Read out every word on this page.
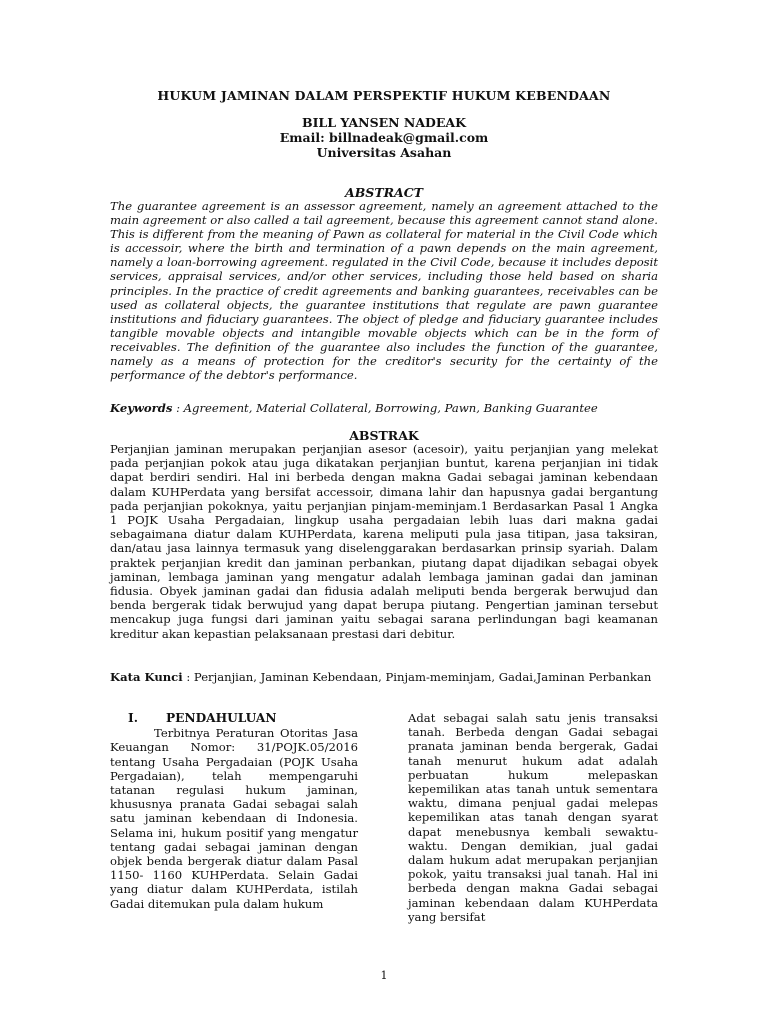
HUKUM JAMINAN DALAM PERSPEKTIF HUKUM KEBENDAAN
BILL YANSEN NADEAK
Email: billnadeak@gmail.com
Universitas Asahan
ABSTRACT

The guarantee agreement is an assessor agreement, namely an agreement attached to the main agreement or also called a tail agreement, because this agreement cannot stand alone. This is different from the meaning of Pawn as collateral for material in the Civil Code which is accessoir, where the birth and termination of a pawn depends on the main agreement, namely a loan-borrowing agreement. regulated in the Civil Code, because it includes deposit services, appraisal services, and/or other services, including those held based on sharia principles. In the practice of credit agreements and banking guarantees, receivables can be used as collateral objects, the guarantee institutions that regulate are pawn guarantee institutions and fiduciary guarantees. The object of pledge and fiduciary guarantee includes tangible movable objects and intangible movable objects which can be in the form of receivables. The definition of the guarantee also includes the function of the guarantee, namely as a means of protection for the creditor's security for the certainty of the performance of the debtor's performance.

Keywords : Agreement, Material Collateral, Borrowing, Pawn, Banking Guarantee
ABSTRAK

Perjanjian jaminan merupakan perjanjian asesor (acesoir), yaitu perjanjian yang melekat pada perjanjian pokok atau juga dikatakan perjanjian buntut, karena perjanjian ini tidak dapat berdiri sendiri. Hal ini berbeda dengan makna Gadai sebagai jaminan kebendaan dalam KUHPerdata yang bersifat accessoir, dimana lahir dan hapusnya gadai bergantung pada perjanjian pokoknya, yaitu perjanjian pinjam-meminjam.1 Berdasarkan Pasal 1 Angka 1 POJK Usaha Pergadaian, lingkup usaha pergadaian lebih luas dari makna gadai sebagaimana diatur dalam KUHPerdata, karena meliputi pula jasa titipan, jasa taksiran, dan/atau jasa lainnya termasuk yang diselenggarakan berdasarkan prinsip syariah. Dalam praktek perjanjian kredit dan jaminan perbankan, piutang dapat dijadikan sebagai obyek jaminan, lembaga jaminan yang mengatur adalah lembaga jaminan gadai dan jaminan fidusia. Obyek jaminan gadai dan fidusia adalah meliputi benda bergerak berwujud dan benda bergerak tidak berwujud yang dapat berupa piutang. Pengertian jaminan tersebut mencakup juga fungsi dari jaminan yaitu sebagai sarana perlindungan bagi keamanan kreditur akan kepastian pelaksanaan prestasi dari debitur.

Kata Kunci : Perjanjian, Jaminan Kebendaan, Pinjam-meminjam, Gadai,Jaminan Perbankan

I. PENDAHULUAN

Terbitnya Peraturan Otoritas Jasa Keuangan Nomor: 31/POJK.05/2016 tentang Usaha Pergadaian (POJK Usaha Pergadaian), telah mempengaruhi tatanan regulasi hukum jaminan, khususnya pranata Gadai sebagai salah satu jaminan kebendaan di Indonesia. Selama ini, hukum positif yang mengatur tentang gadai sebagai jaminan dengan objek benda bergerak diatur dalam Pasal 1150- 1160 KUHPerdata. Selain Gadai yang diatur dalam KUHPerdata, istilah Gadai ditemukan pula dalam hukum

Adat sebagai salah satu jenis transaksi tanah. Berbeda dengan Gadai sebagai pranata jaminan benda bergerak, Gadai tanah menurut hukum adat adalah perbuatan hukum melepaskan kepemilikan atas tanah untuk sementara waktu, dimana penjual gadai melepas kepemilikan atas tanah dengan syarat dapat menebusnya kembali sewaktu-waktu. Dengan demikian, jual gadai dalam hukum adat merupakan perjanjian pokok, yaitu transaksi jual tanah. Hal ini berbeda dengan makna Gadai sebagai jaminan kebendaan dalam KUHPerdata yang bersifat

1
